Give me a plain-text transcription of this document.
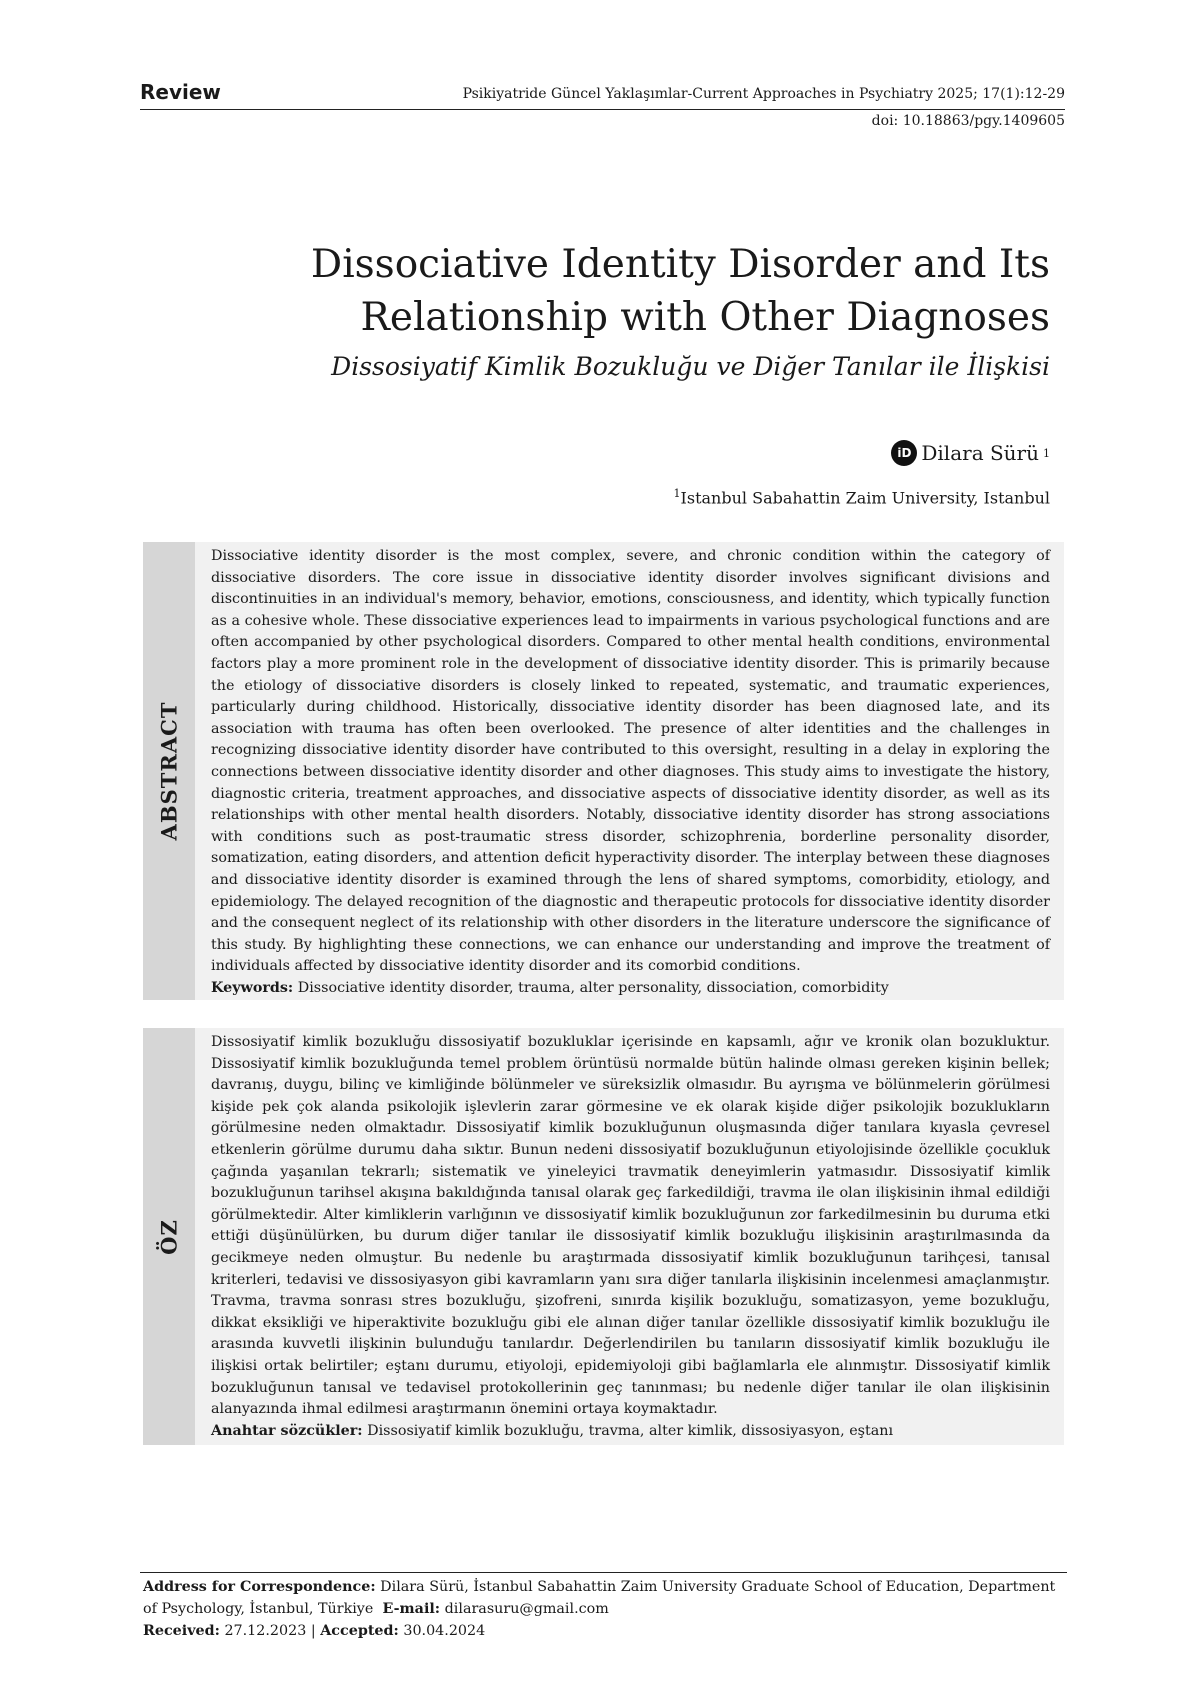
Review	Psikiyatride Güncel Yaklaşımlar-Current Approaches in Psychiatry 2025; 17(1):12-29
doi: 10.18863/pgy.1409605
Dissociative Identity Disorder and Its
Relationship with Other Diagnoses
Dissosiyatif Kimlik Bozukluğu ve Diğer Tanılar ile İlişkisi
iD Dilara Sürü 1
$^1$Istanbul Sabahattin Zaim University, Istanbul
ABSTRACT

Dissociative identity disorder is the most complex, severe, and chronic condition within the category of dissociative disorders. The core issue in dissociative identity disorder involves significant divisions and discontinuities in an individual's memory, behavior, emotions, consciousness, and identity, which typically function as a cohesive whole. These dissociative experiences lead to impairments in various psychological functions and are often accompanied by other psychological disorders. Compared to other mental health conditions, environmental factors play a more prominent role in the development of dissociative identity disorder. This is primarily because the etiology of dissociative disorders is closely linked to repeated, systematic, and traumatic experiences, particularly during childhood. Historically, dissociative identity disorder has been diagnosed late, and its association with trauma has often been overlooked. The presence of alter identities and the challenges in recognizing dissociative identity disorder have contributed to this oversight, resulting in a delay in exploring the connections between dissociative identity disorder and other diagnoses. This study aims to investigate the history, diagnostic criteria, treatment approaches, and dissociative aspects of dissociative identity disorder, as well as its relationships with other mental health disorders. Notably, dissociative identity disorder has strong associations with conditions such as post-traumatic stress disorder, schizophrenia, borderline personality disorder, somatization, eating disorders, and attention deficit hyperactivity disorder. The interplay between these diagnoses and dissociative identity disorder is examined through the lens of shared symptoms, comorbidity, etiology, and epidemiology. The delayed recognition of the diagnostic and therapeutic protocols for dissociative identity disorder and the consequent neglect of its relationship with other disorders in the literature underscore the significance of this study. By highlighting these connections, we can enhance our understanding and improve the treatment of individuals affected by dissociative identity disorder and its comorbid conditions.

Keywords: Dissociative identity disorder, trauma, alter personality, dissociation, comorbidity

ÖZ

Dissosiyatif kimlik bozukluğu dissosiyatif bozukluklar içerisinde en kapsamlı, ağır ve kronik olan bozukluktur. Dissosiyatif kimlik bozukluğunda temel problem örüntüsü normalde bütün halinde olması gereken kişinin bellek; davranış, duygu, bilinç ve kimliğinde bölünmeler ve süreksizlik olmasıdır. Bu ayrışma ve bölünmelerin görülmesi kişide pek çok alanda psikolojik işlevlerin zarar görmesine ve ek olarak kişide diğer psikolojik bozuklukların görülmesine neden olmaktadır. Dissosiyatif kimlik bozukluğunun oluşmasında diğer tanılara kıyasla çevresel etkenlerin görülme durumu daha sıktır. Bunun nedeni dissosiyatif bozukluğunun etiyolojisinde özellikle çocukluk çağında yaşanılan tekrarlı; sistematik ve yineleyici travmatik deneyimlerin yatmasıdır. Dissosiyatif kimlik bozukluğunun tarihsel akışına bakıldığında tanısal olarak geç farkedildiği, travma ile olan ilişkisinin ihmal edildiği görülmektedir. Alter kimliklerin varlığının ve dissosiyatif kimlik bozukluğunun zor farkedilmesinin bu duruma etki ettiği düşünülürken, bu durum diğer tanılar ile dissosiyatif kimlik bozukluğu ilişkisinin araştırılmasında da gecikmeye neden olmuştur. Bu nedenle bu araştırmada dissosiyatif kimlik bozukluğunun tarihçesi, tanısal kriterleri, tedavisi ve dissosiyasyon gibi kavramların yanı sıra diğer tanılarla ilişkisinin incelenmesi amaçlanmıştır. Travma, travma sonrası stres bozukluğu, şizofreni, sınırda kişilik bozukluğu, somatizasyon, yeme bozukluğu, dikkat eksikliği ve hiperaktivite bozukluğu gibi ele alınan diğer tanılar özellikle dissosiyatif kimlik bozukluğu ile arasında kuvvetli ilişkinin bulunduğu tanılardır. Değerlendirilen bu tanıların dissosiyatif kimlik bozukluğu ile ilişkisi ortak belirtiler; eştanı durumu, etiyoloji, epidemiyoloji gibi bağlamlarla ele alınmıştır. Dissosiyatif kimlik bozukluğunun tanısal ve tedavisel protokollerinin geç tanınması; bu nedenle diğer tanılar ile olan ilişkisinin alanyazında ihmal edilmesi araştırmanın önemini ortaya koymaktadır.

Anahtar sözcükler: Dissosiyatif kimlik bozukluğu, travma, alter kimlik, dissosiyasyon, eştanı

Address for Correspondence: Dilara Sürü, İstanbul Sabahattin Zaim University Graduate School of Education, Department of Psychology, İstanbul, Türkiye E-mail: dilarasuru@gmail.com

Received: 27.12.2023 | Accepted: 30.04.2024
